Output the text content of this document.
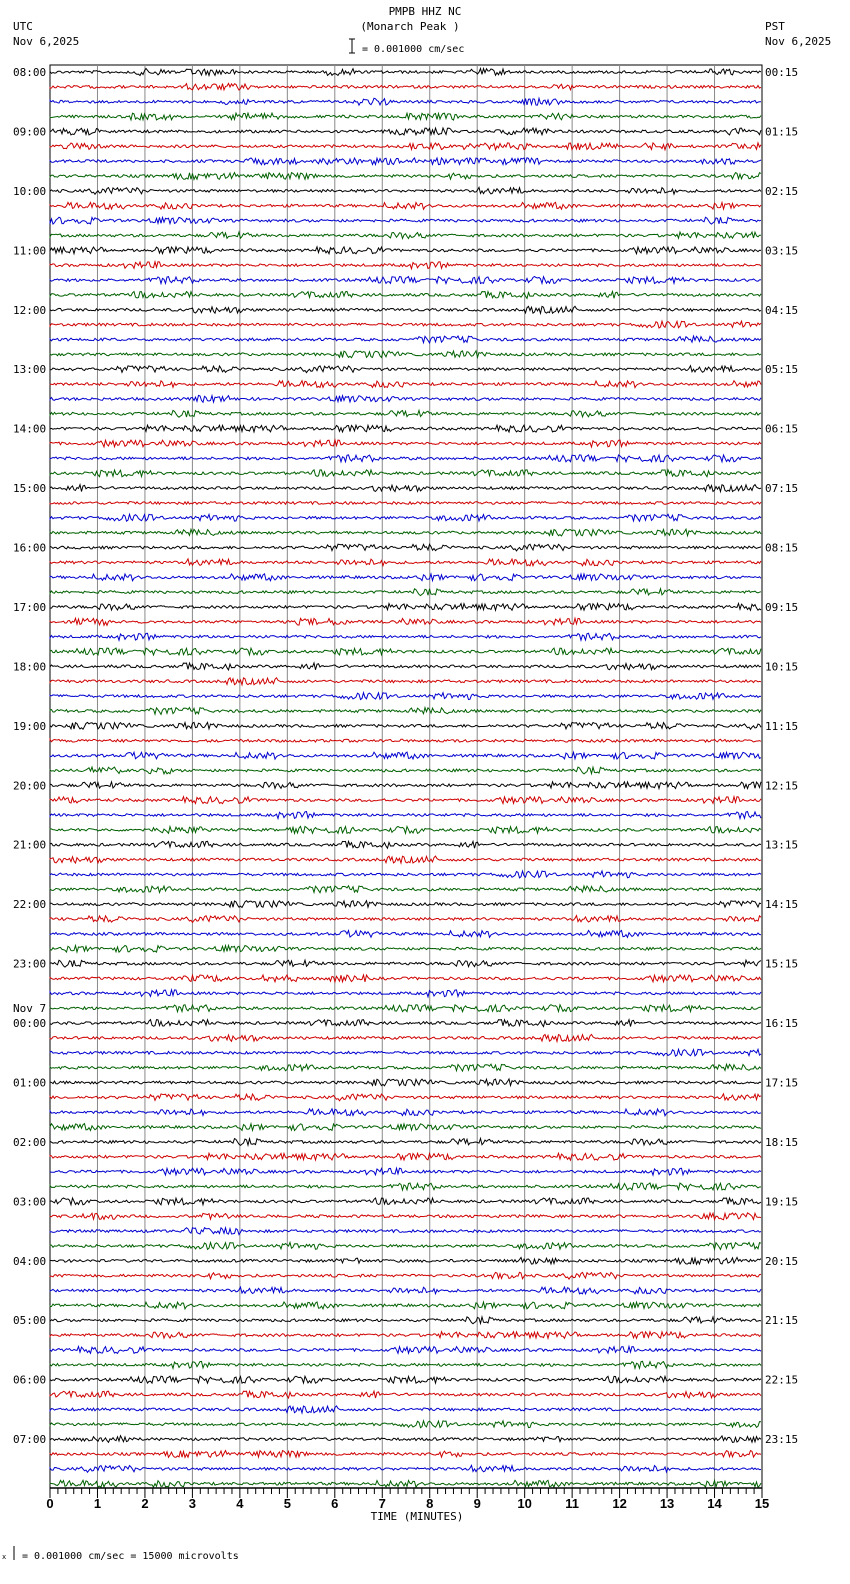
PMPB HHZ NC
(Monarch Peak )
= 0.001000 cm/sec
UTC
Nov 6,2025
PST
Nov 6,2025
08:00
09:00
10:00
11:00
12:00
13:00
14:00
15:00
16:00
17:00
18:00
19:00
20:00
21:00
22:00
23:00
00:00
Nov 7
01:00
02:00
03:00
04:00
05:00
06:00
07:00
00:15
01:15
02:15
03:15
04:15
05:15
06:15
07:15
08:15
09:15
10:15
11:15
12:15
13:15
14:15
15:15
16:15
17:15
18:15
19:15
20:15
21:15
22:15
23:15
0	1	2	3	4	5	6	7	8	9	10	11	12	13	14	15
TIME (MINUTES)
x = 0.001000 cm/sec = 15000 microvolts
